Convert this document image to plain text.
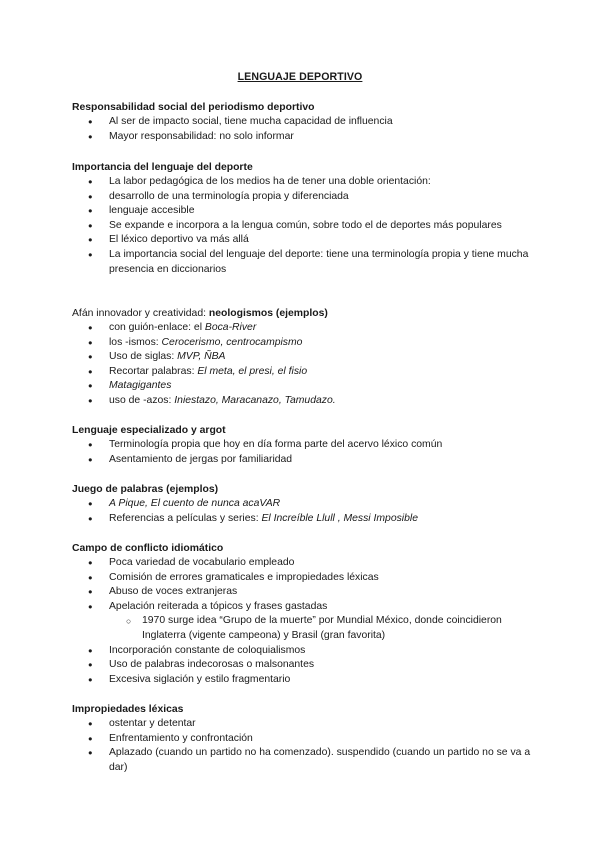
LENGUAJE DEPORTIVO

Responsabilidad social del periodismo deportivo

● Al ser de impacto social, tiene mucha capacidad de influencia
● Mayor responsabilidad: no solo informar

Importancia del lenguaje del deporte

● La labor pedagógica de los medios ha de tener una doble orientación:
● desarrollo de una terminología propia y diferenciada
● lenguaje accesible
● Se expande e incorpora a la lengua común, sobre todo el de deportes más populares
● El léxico deportivo va más allá
● La importancia social del lenguaje del deporte: tiene una terminología propia y tiene mucha presencia en diccionarios

Afán innovador y creatividad: neologismos (ejemplos)

● con guión-enlace: el Boca-River
● los -ismos: Cerocerismo, centrocampismo
● Uso de siglas: MVP, ÑBA
● Recortar palabras: El meta, el presi, el fisio
● Matagigantes
● uso de -azos: Iniestazo, Maracanazo, Tamudazo.

Lenguaje especializado y argot

● Terminología propia que hoy en día forma parte del acervo léxico común
● Asentamiento de jergas por familiaridad

Juego de palabras (ejemplos)

● A Pique, El cuento de nunca acaVAR
● Referencias a películas y series: El Increíble Llull , Messi Imposible

Campo de conflicto idiomático

● Poca variedad de vocabulario empleado
● Comisión de errores gramaticales e impropiedades léxicas
● Abuso de voces extranjeras
● Apelación reiterada a tópicos y frases gastadas
○ 1970 surge idea “Grupo de la muerte” por Mundial México, donde coincidieron Inglaterra (vigente campeona) y Brasil (gran favorita)
● Incorporación constante de coloquialismos
● Uso de palabras indecorosas o malsonantes
● Excesiva siglación y estilo fragmentario

Impropiedades léxicas

● ostentar y detentar
● Enfrentamiento y confrontación
● Aplazado (cuando un partido no ha comenzado). suspendido (cuando un partido no se va a dar)
